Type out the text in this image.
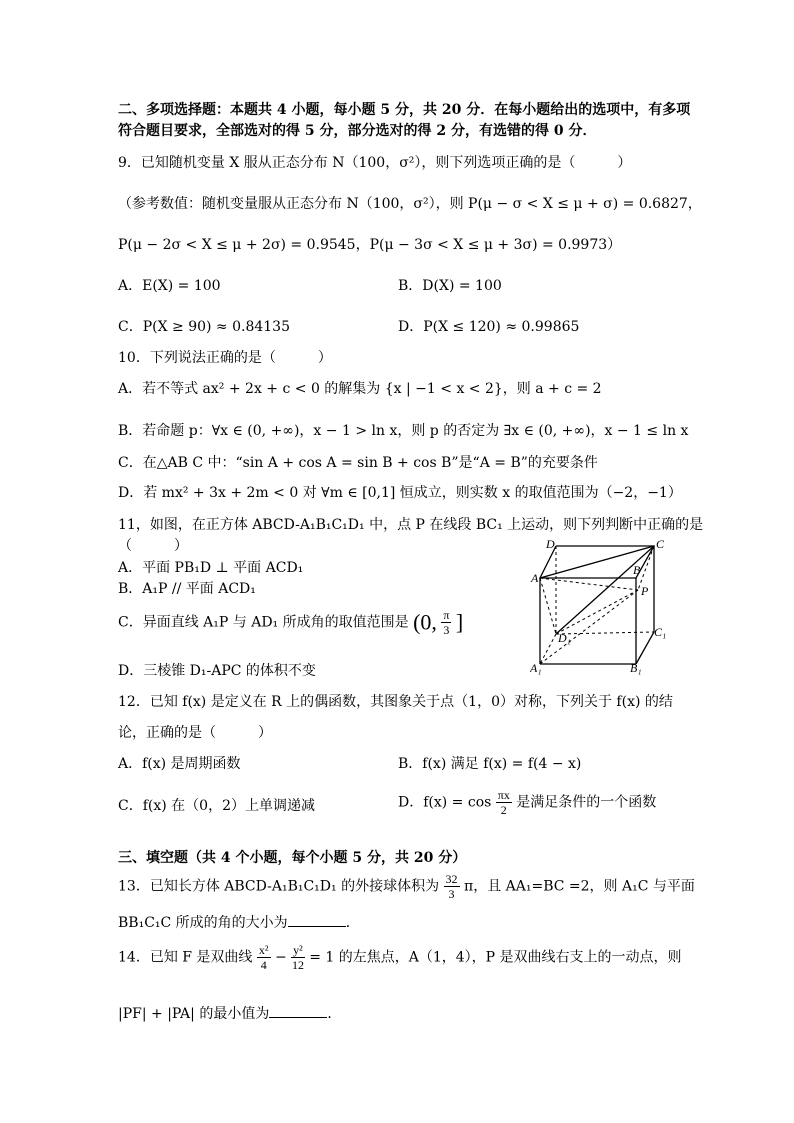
二、多项选择题：本题共 4 小题，每小题 5 分，共 20 分．在每小题给出的选项中，有多项
符合题目要求，全部选对的得 5 分，部分选对的得 2 分，有选错的得 0 分．
9．已知随机变量 X 服从正态分布 N（100，σ²），则下列选项正确的是（　　　）
（参考数值：随机变量服从正态分布 N（100，σ²），则 P(μ − σ < X ≤ μ + σ) = 0.6827，
P(μ − 2σ < X ≤ μ + 2σ) = 0.9545，P(μ − 3σ < X ≤ μ + 3σ) = 0.9973）
A．E(X) = 100	B．D(X) = 100
C．P(X ≥ 90) ≈ 0.84135	D．P(X ≤ 120) ≈ 0.99865
10．下列说法正确的是（　　　）
A．若不等式 ax² + 2x + c < 0 的解集为 {x | −1 < x < 2}，则 a + c = 2
B．若命题 p：∀x ∈ (0, +∞)，x − 1 > ln x，则 p 的否定为 ∃x ∈ (0, +∞)，x − 1 ≤ ln x
C．在△AB C 中：“sin A + cos A = sin B + cos B”是“A = B”的充要条件
D．若 mx² + 3x + 2m < 0 对 ∀m ∈ [0,1] 恒成立，则实数 x 的取值范围为（−2，−1）
11，如图，在正方体 ABCD-A₁B₁C₁D₁ 中，点 P 在线段 BC₁ 上运动，则下列判断中正确的是
（　　　）
A．平面 PB₁D ⊥ 平面 ACD₁
B．A₁P // 平面 ACD₁
C．异面直线 A₁P 与 AD₁ 所成角的取值范围是 (0, $\frac{\pi}{3}$ ]
D．三棱锥 D₁-APC 的体积不变
D	C
A
B
P
D₁	C₁
A₁	B₁
12．已知 f(x) 是定义在 R 上的偶函数，其图象关于点（1，0）对称，下列关于 f(x) 的结
论，正确的是（　　　）
A．f(x) 是周期函数	B．f(x) 满足 f(x) = f(4 − x)
C．f(x) 在（0，2）上单调递减	D．$f(x) = \cos \frac{\pi x}{2}$ 是满足条件的一个函数
三、填空题（共 4 个小题，每个小题 5 分，共 20 分）
13．已知长方体 ABCD-A₁B₁C₁D₁ 的外接球体积为 $\frac{32}{3}$ π，且 AA₁=BC =2，则 A₁C 与平面
BB₁C₁C 所成的角的大小为	．
14．已知 F 是双曲线 $\frac{\text{x²}}{4} - \frac{\text{y²}}{12} = 1$ 的左焦点，A（1，4），P 是双曲线右支上的一动点，则
|PF| + |PA| 的最小值为	．
